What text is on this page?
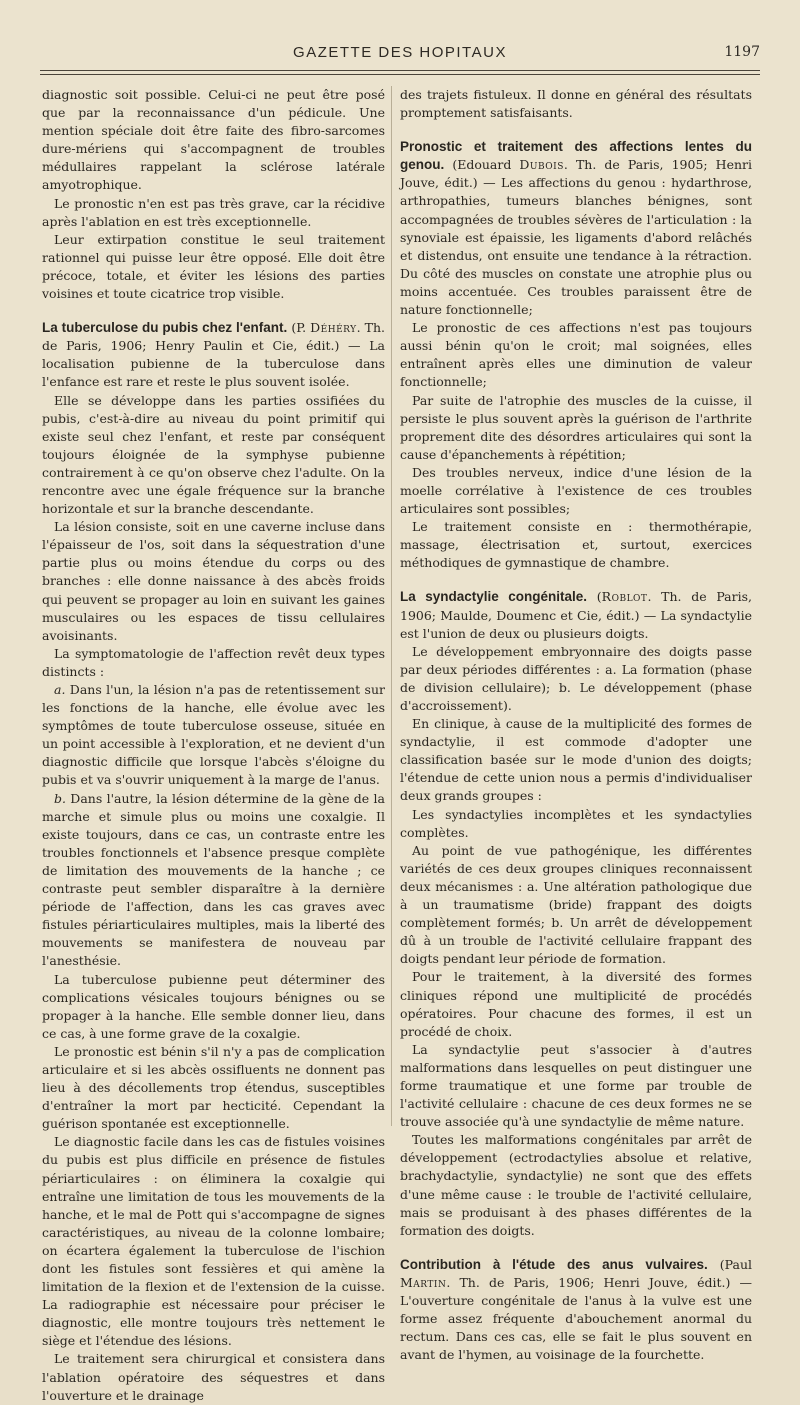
GAZETTE DES HOPITAUX	1197

diagnostic soit possible. Celui-ci ne peut être posé que par la reconnaissance d'un pédicule. Une mention spéciale doit être faite des fibro-sarcomes dure-mériens qui s'accompagnent de troubles médullaires rappelant la sclérose latérale amyotrophique.

Le pronostic n'en est pas très grave, car la récidive après l'ablation en est très exceptionnelle.

Leur extirpation constitue le seul traitement rationnel qui puisse leur être opposé. Elle doit être précoce, totale, et éviter les lésions des parties voisines et toute cicatrice trop visible.

La tuberculose du pubis chez l'enfant. (P. Déhéry. Th. de Paris, 1906; Henry Paulin et Cie, édit.) — La localisation pubienne de la tuberculose dans l'enfance est rare et reste le plus souvent isolée.

Elle se développe dans les parties ossifiées du pubis, c'est-à-dire au niveau du point primitif qui existe seul chez l'enfant, et reste par conséquent toujours éloignée de la symphyse pubienne contrairement à ce qu'on observe chez l'adulte. On la rencontre avec une égale fréquence sur la branche horizontale et sur la branche descendante.

La lésion consiste, soit en une caverne incluse dans l'épaisseur de l'os, soit dans la séquestration d'une partie plus ou moins étendue du corps ou des branches : elle donne naissance à des abcès froids qui peuvent se propager au loin en suivant les gaines musculaires ou les espaces de tissu cellulaires avoisinants.

La symptomatologie de l'affection revêt deux types distincts :

a. Dans l'un, la lésion n'a pas de retentissement sur les fonctions de la hanche, elle évolue avec les symptômes de toute tuberculose osseuse, située en un point accessible à l'exploration, et ne devient d'un diagnostic difficile que lorsque l'abcès s'éloigne du pubis et va s'ouvrir uniquement à la marge de l'anus.

b. Dans l'autre, la lésion détermine de la gène de la marche et simule plus ou moins une coxalgie. Il existe toujours, dans ce cas, un contraste entre les troubles fonctionnels et l'absence presque complète de limitation des mouvements de la hanche ; ce contraste peut sembler disparaître à la dernière période de l'affection, dans les cas graves avec fistules périarticulaires multiples, mais la liberté des mouvements se manifestera de nouveau par l'anesthésie.

La tuberculose pubienne peut déterminer des complications vésicales toujours bénignes ou se propager à la hanche. Elle semble donner lieu, dans ce cas, à une forme grave de la coxalgie.

Le pronostic est bénin s'il n'y a pas de complication articulaire et si les abcès ossifluents ne donnent pas lieu à des décollements trop étendus, susceptibles d'entraîner la mort par hecticité. Cependant la guérison spontanée est exceptionnelle.

Le diagnostic facile dans les cas de fistules voisines du pubis est plus difficile en présence de fistules périarticulaires : on éliminera la coxalgie qui entraîne une limitation de tous les mouvements de la hanche, et le mal de Pott qui s'accompagne de signes caractéristiques, au niveau de la colonne lombaire; on écartera également la tuberculose de l'ischion dont les fistules sont fessières et qui amène la limitation de la flexion et de l'extension de la cuisse. La radiographie est nécessaire pour préciser le diagnostic, elle montre toujours très nettement le siège et l'étendue des lésions.

Le traitement sera chirurgical et consistera dans l'ablation opératoire des séquestres et dans l'ouverture et le drainage

des trajets fistuleux. Il donne en général des résultats promptement satisfaisants.

Pronostic et traitement des affections lentes du genou. (Edouard Dubois. Th. de Paris, 1905; Henri Jouve, édit.) — Les affections du genou : hydarthrose, arthropathies, tumeurs blanches bénignes, sont accompagnées de troubles sévères de l'articulation : la synoviale est épaissie, les ligaments d'abord relâchés et distendus, ont ensuite une tendance à la rétraction. Du côté des muscles on constate une atrophie plus ou moins accentuée. Ces troubles paraissent être de nature fonctionnelle;

Le pronostic de ces affections n'est pas toujours aussi bénin qu'on le croit; mal soignées, elles entraînent après elles une diminution de valeur fonctionnelle;

Par suite de l'atrophie des muscles de la cuisse, il persiste le plus souvent après la guérison de l'arthrite proprement dite des désordres articulaires qui sont la cause d'épanchements à répétition;

Des troubles nerveux, indice d'une lésion de la moelle corrélative à l'existence de ces troubles articulaires sont possibles;

Le traitement consiste en : thermothérapie, massage, électrisation et, surtout, exercices méthodiques de gymnastique de chambre.

La syndactylie congénitale. (Roblot. Th. de Paris, 1906; Maulde, Doumenc et Cie, édit.) — La syndactylie est l'union de deux ou plusieurs doigts.

Le développement embryonnaire des doigts passe par deux périodes différentes : a. La formation (phase de division cellulaire); b. Le développement (phase d'accroissement).

En clinique, à cause de la multiplicité des formes de syndactylie, il est commode d'adopter une classification basée sur le mode d'union des doigts; l'étendue de cette union nous a permis d'individualiser deux grands groupes :

Les syndactylies incomplètes et les syndactylies complètes.

Au point de vue pathogénique, les différentes variétés de ces deux groupes cliniques reconnaissent deux mécanismes : a. Une altération pathologique due à un traumatisme (bride) frappant des doigts complètement formés; b. Un arrêt de développement dû à un trouble de l'activité cellulaire frappant des doigts pendant leur période de formation.

Pour le traitement, à la diversité des formes cliniques répond une multiplicité de procédés opératoires. Pour chacune des formes, il est un procédé de choix.

La syndactylie peut s'associer à d'autres malformations dans lesquelles on peut distinguer une forme traumatique et une forme par trouble de l'activité cellulaire : chacune de ces deux formes ne se trouve associée qu'à une syndactylie de même nature.

Toutes les malformations congénitales par arrêt de développement (ectrodactylies absolue et relative, brachydactylie, syndactylie) ne sont que des effets d'une même cause : le trouble de l'activité cellulaire, mais se produisant à des phases différentes de la formation des doigts.

Contribution à l'étude des anus vulvaires. (Paul Martin. Th. de Paris, 1906; Henri Jouve, édit.) — L'ouverture congénitale de l'anus à la vulve est une forme assez fréquente d'abouchement anormal du rectum. Dans ces cas, elle se fait le plus souvent en avant de l'hymen, au voisinage de la fourchette.
